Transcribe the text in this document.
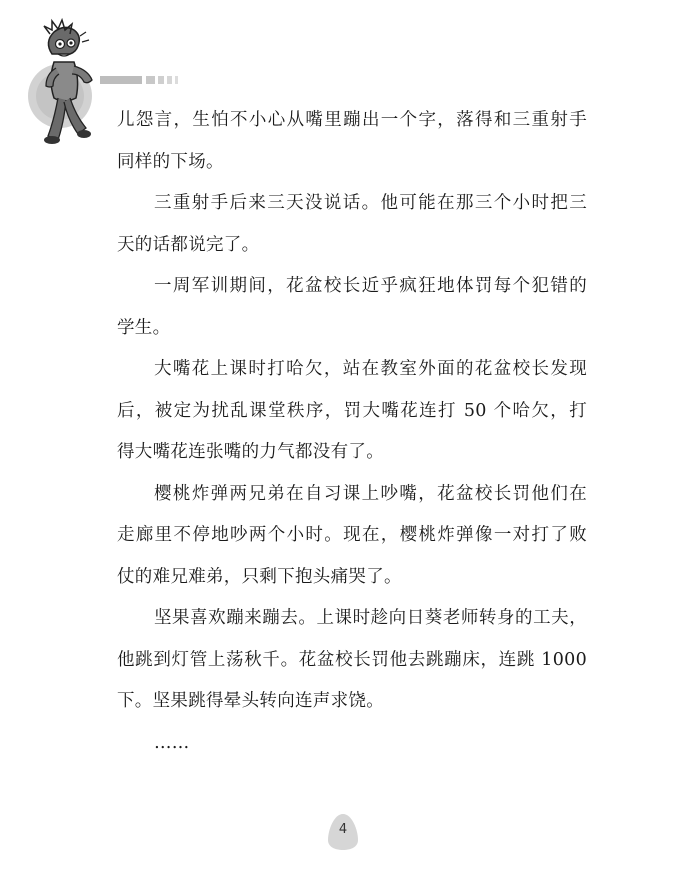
儿怨言，生怕不小心从嘴里蹦出一个字，落得和三重射手
同样的下场。
三重射手后来三天没说话。他可能在那三个小时把三
天的话都说完了。
一周军训期间，花盆校长近乎疯狂地体罚每个犯错的
学生。
大嘴花上课时打哈欠，站在教室外面的花盆校长发现
后，被定为扰乱课堂秩序，罚大嘴花连打 50 个哈欠，打
得大嘴花连张嘴的力气都没有了。
樱桃炸弹两兄弟在自习课上吵嘴，花盆校长罚他们在
走廊里不停地吵两个小时。现在，樱桃炸弹像一对打了败
仗的难兄难弟，只剩下抱头痛哭了。
坚果喜欢蹦来蹦去。上课时趁向日葵老师转身的工夫，
他跳到灯管上荡秋千。花盆校长罚他去跳蹦床，连跳 1000
下。坚果跳得晕头转向连声求饶。
……
4
